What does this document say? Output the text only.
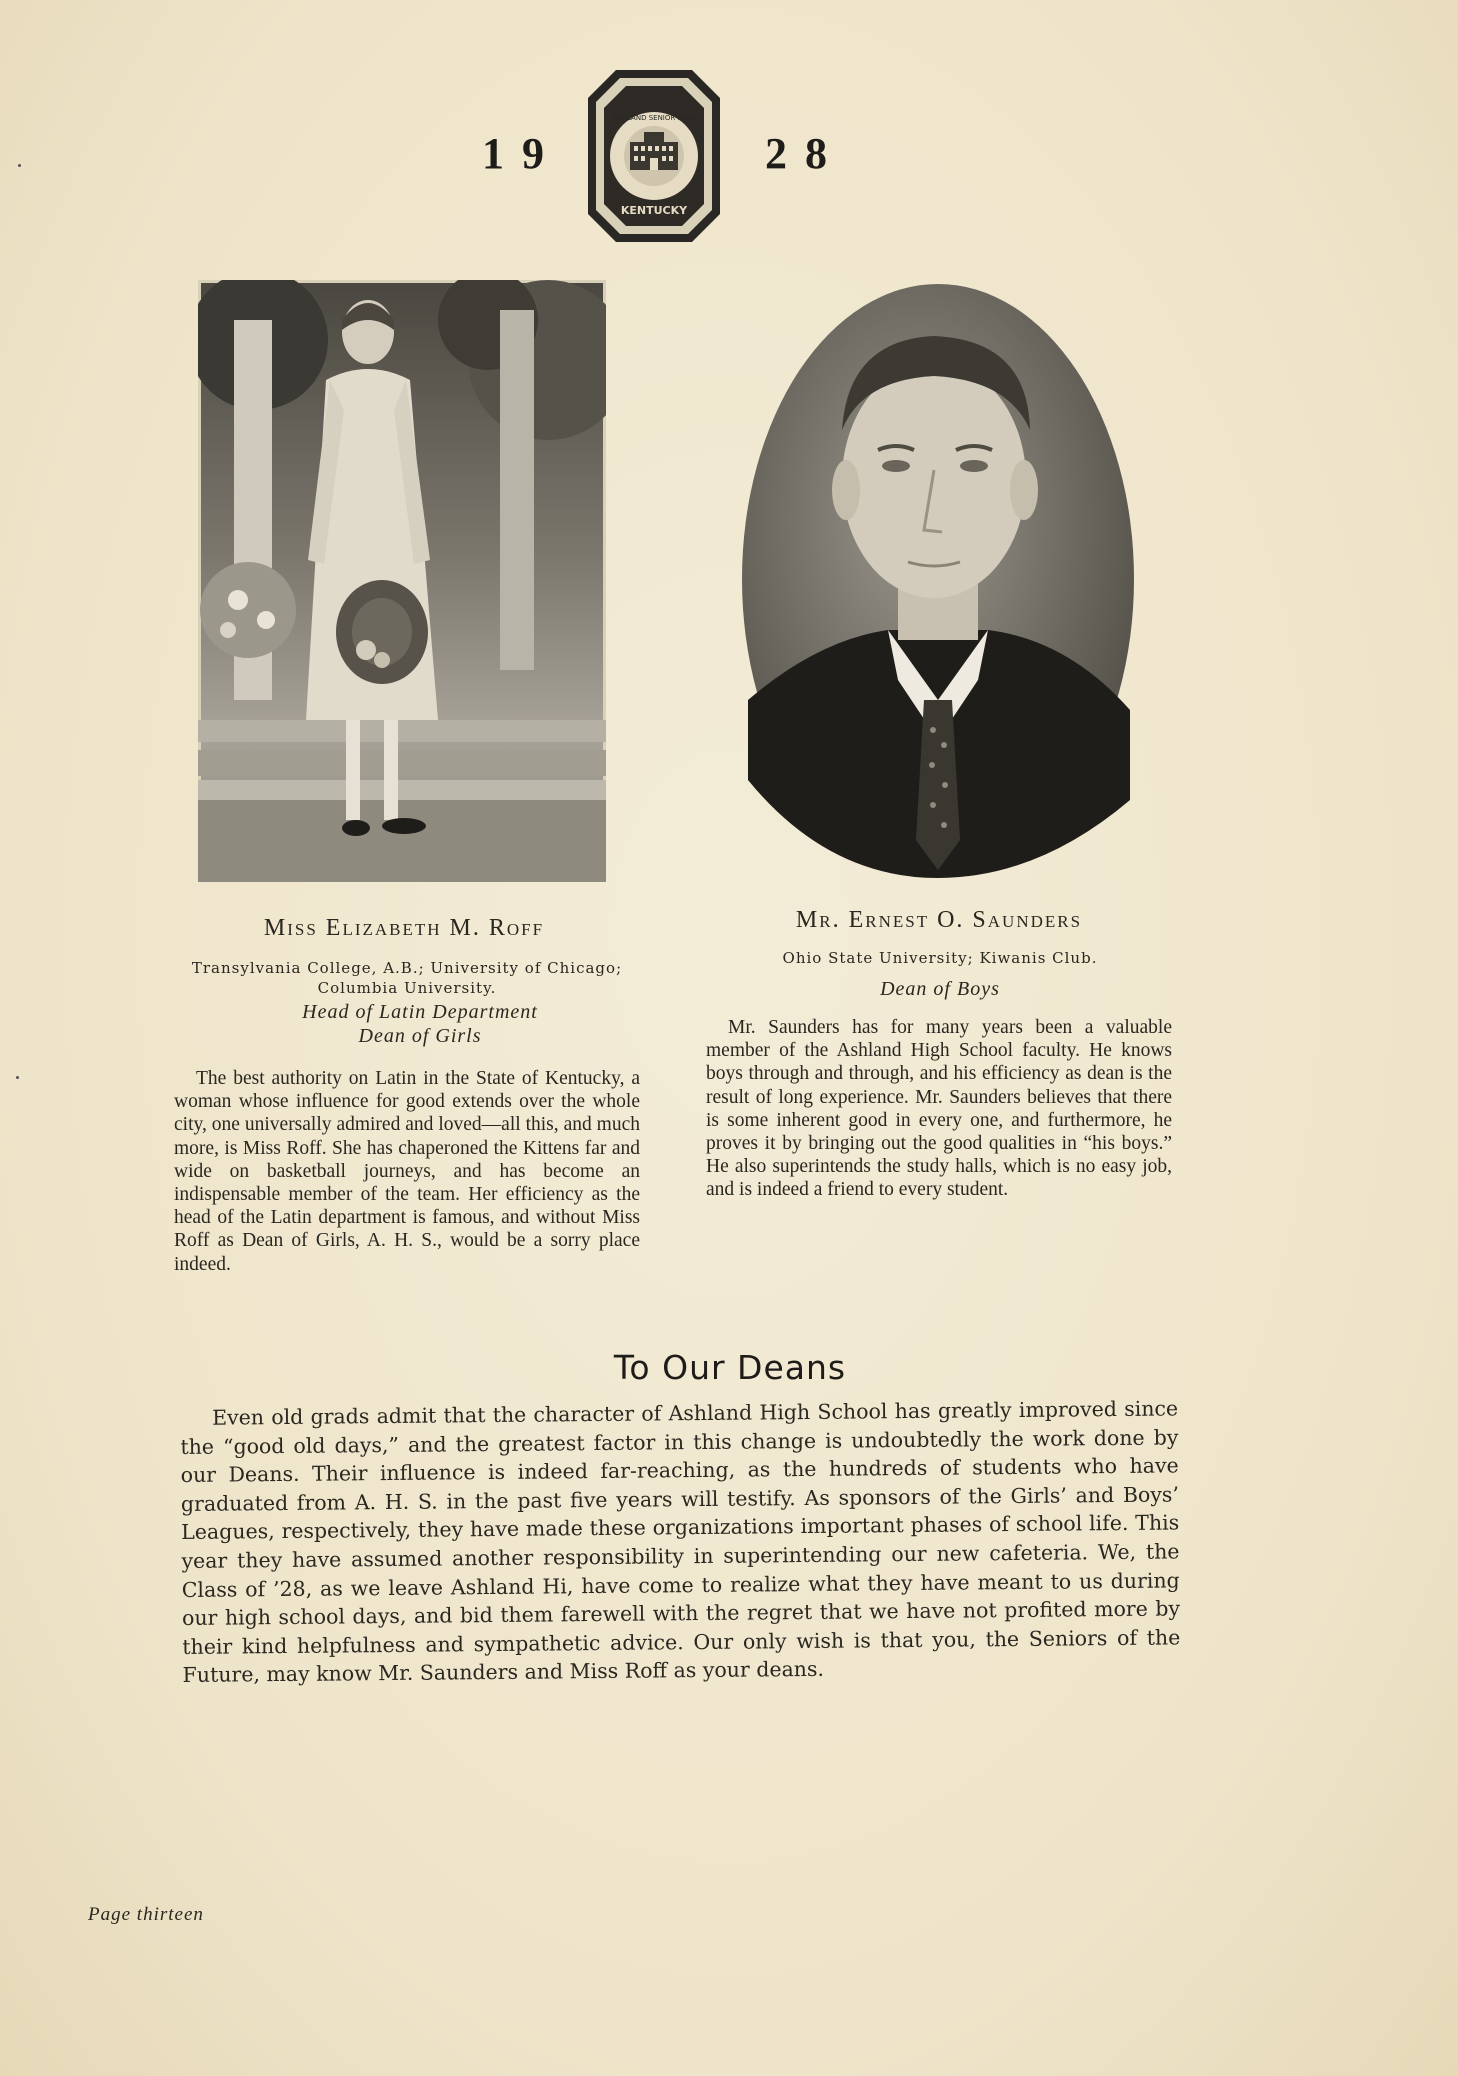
19
KENTUCKY
ASHLAND SENIOR HIGH
28
Miss Elizabeth M. Roff
Transylvania College, A.B.; University of Chicago; Columbia University.
Head of Latin Department
Dean of Girls
The best authority on Latin in the State of Kentucky, a woman whose influence for good extends over the whole city, one universally admired and loved—all this, and much more, is Miss Roff. She has chaperoned the Kittens far and wide on basketball journeys, and has become an indispensable member of the team. Her efficiency as the head of the Latin department is famous, and without Miss Roff as Dean of Girls, A. H. S., would be a sorry place indeed.
Mr. Ernest O. Saunders
Ohio State University; Kiwanis Club.
Dean of Boys
Mr. Saunders has for many years been a valuable member of the Ashland High School faculty. He knows boys through and through, and his efficiency as dean is the result of long experience. Mr. Saunders believes that there is some inherent good in every one, and furthermore, he proves it by bringing out the good qualities in “his boys.” He also superintends the study halls, which is no easy job, and is indeed a friend to every student.
To Our Deans
Even old grads admit that the character of Ashland High School has greatly improved since the “good old days,” and the greatest factor in this change is undoubtedly the work done by our Deans. Their influence is indeed far-reaching, as the hundreds of students who have graduated from A. H. S. in the past five years will testify. As sponsors of the Girls’ and Boys’ Leagues, respectively, they have made these organizations important phases of school life. This year they have assumed another responsibility in superintending our new cafeteria. We, the Class of ’28, as we leave Ashland Hi, have come to realize what they have meant to us during our high school days, and bid them farewell with the regret that we have not profited more by their kind helpfulness and sympathetic advice. Our only wish is that you, the Seniors of the Future, may know Mr. Saunders and Miss Roff as your deans.
Page thirteen
